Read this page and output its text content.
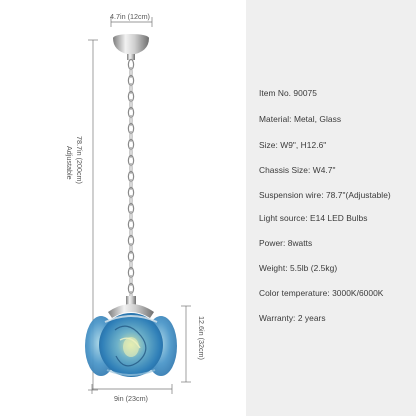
4.7in (12cm)
78.7in (200cm)
Adjustable
12.6in (32cm)
9in (23cm)
Item No. 90075
Material: Metal, Glass
Size: W9", H12.6"
Chassis Size: W4.7"
Suspension wire: 78.7"(Adjustable)
Light source: E14 LED Bulbs
Power: 8watts
Weight: 5.5lb (2.5kg)
Color temperature: 3000K/6000K
Warranty: 2 years
